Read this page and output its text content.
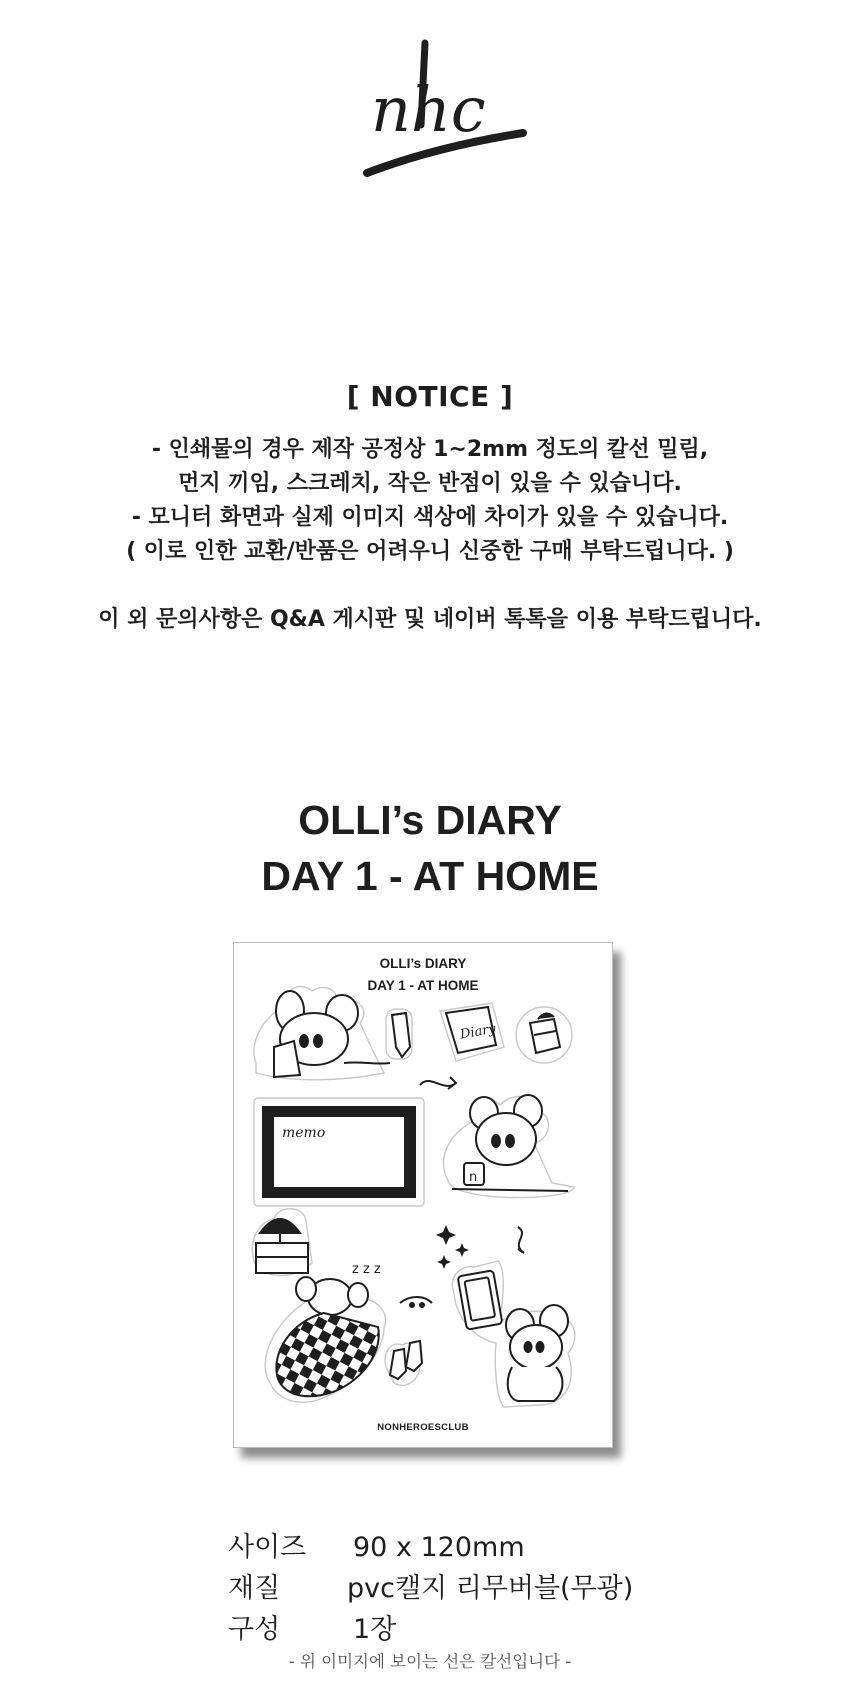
nhc

[ NOTICE ]

- 인쇄물의 경우 제작 공정상 1~2mm 정도의 칼선 밀림,
먼지 끼임, 스크레치, 작은 반점이 있을 수 있습니다.
- 모니터 화면과 실제 이미지 색상에 차이가 있을 수 있습니다.
( 이로 인한 교환/반품은 어려우니 신중한 구매 부탁드립니다. )
이 외 문의사항은 Q&A 게시판 및 네이버 톡톡을 이용 부탁드립니다.
OLLI’s DIARY
DAY 1 - AT HOME
OLLI’s DIARY
DAY 1 - AT HOME
Diary
memo
n
z z z
NONHEROESCLUB
사이즈	90 x 120mm
재질	pvc캘지 리무버블(무광)
구성	1장
- 위 이미지에 보이는 선은 칼선입니다 -
